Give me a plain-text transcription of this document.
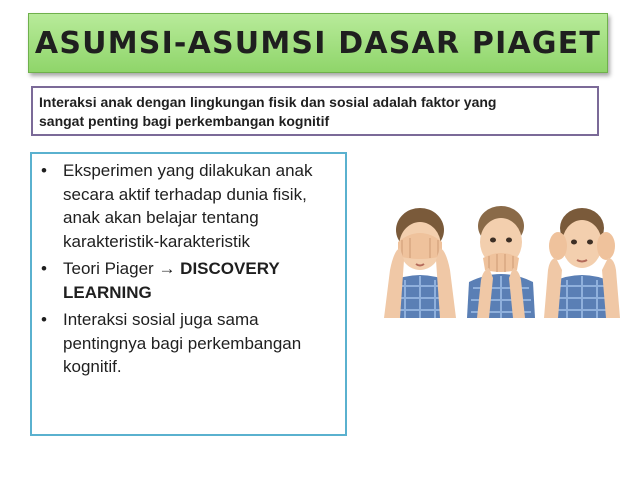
ASUMSI-ASUMSI DASAR PIAGET
Interaksi anak dengan lingkungan fisik dan sosial adalah faktor yang
sangat penting bagi perkembangan kognitif
• Eksperimen yang dilakukan anak secara aktif terhadap dunia fisik, anak akan belajar tentang karakteristik-karakteristik
• Teori Piager → DISCOVERY LEARNING
• Interaksi sosial juga sama pentingnya bagi perkembangan kognitif.
